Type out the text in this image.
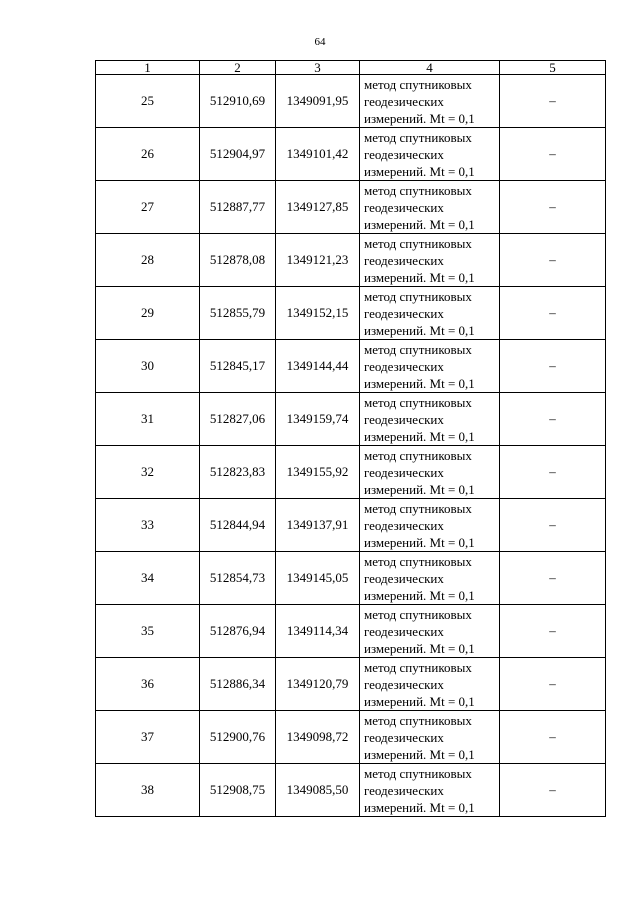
64
1	2	3	4	5
25	512910,69	1349091,95	метод спутниковых
геодезических
измерений. Mt = 0,1	–
26	512904,97	1349101,42	метод спутниковых
геодезических
измерений. Mt = 0,1	–
27	512887,77	1349127,85	метод спутниковых
геодезических
измерений. Mt = 0,1	–
28	512878,08	1349121,23	метод спутниковых
геодезических
измерений. Mt = 0,1	–
29	512855,79	1349152,15	метод спутниковых
геодезических
измерений. Mt = 0,1	–
30	512845,17	1349144,44	метод спутниковых
геодезических
измерений. Mt = 0,1	–
31	512827,06	1349159,74	метод спутниковых
геодезических
измерений. Mt = 0,1	–
32	512823,83	1349155,92	метод спутниковых
геодезических
измерений. Mt = 0,1	–
33	512844,94	1349137,91	метод спутниковых
геодезических
измерений. Mt = 0,1	–
34	512854,73	1349145,05	метод спутниковых
геодезических
измерений. Mt = 0,1	–
35	512876,94	1349114,34	метод спутниковых
геодезических
измерений. Mt = 0,1	–
36	512886,34	1349120,79	метод спутниковых
геодезических
измерений. Mt = 0,1	–
37	512900,76	1349098,72	метод спутниковых
геодезических
измерений. Mt = 0,1	–
38	512908,75	1349085,50	метод спутниковых
геодезических
измерений. Mt = 0,1	–
